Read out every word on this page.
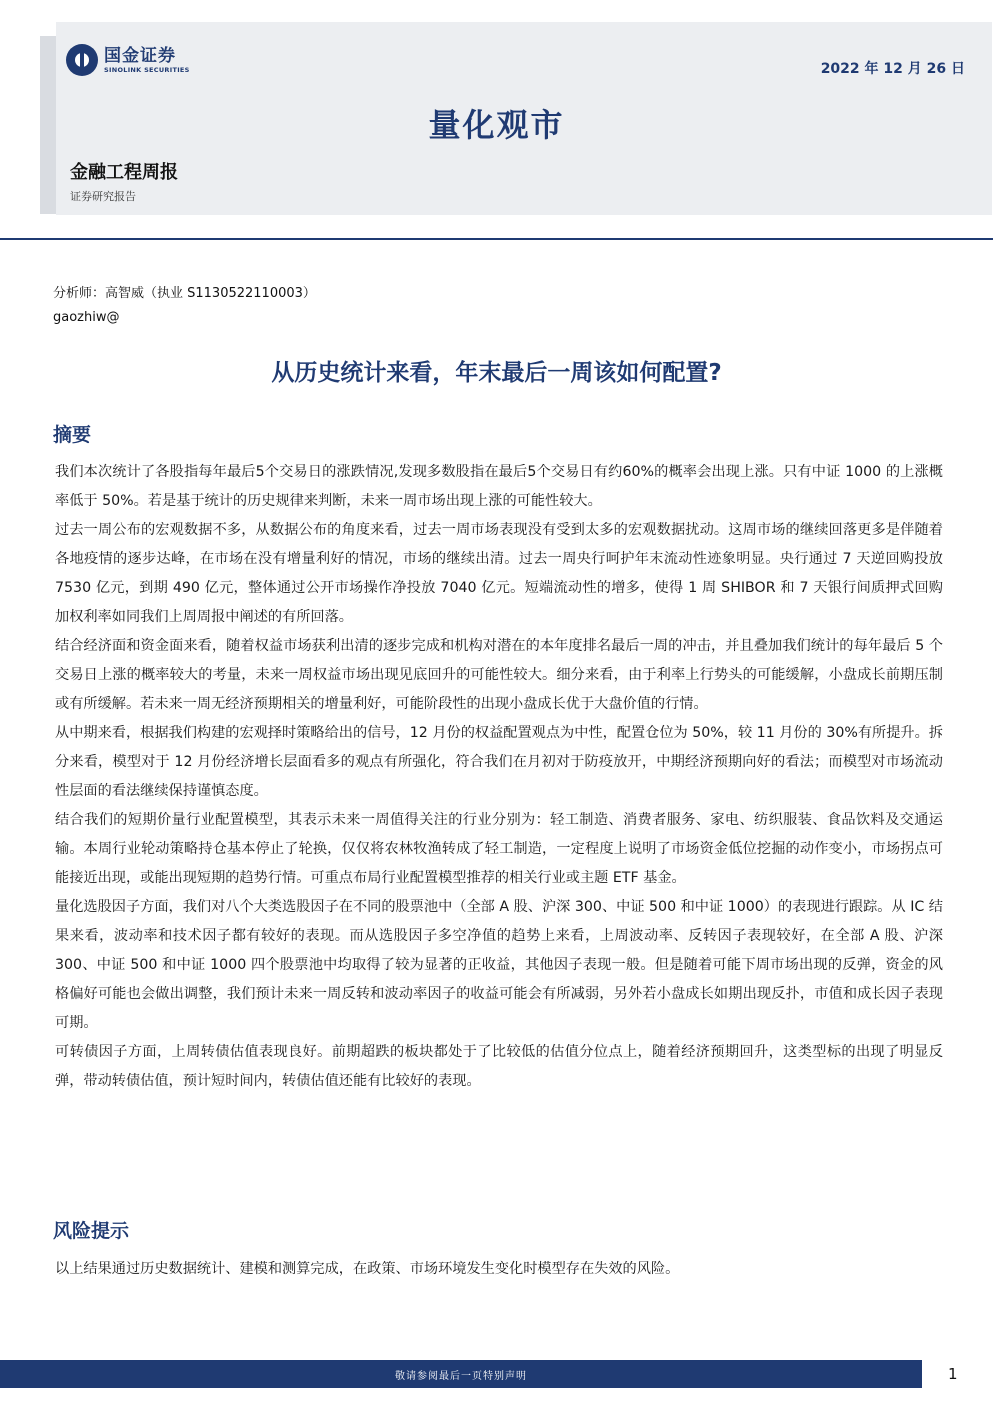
国金证券
SINOLINK SECURITIES	2022 年 12 月 26 日
量化观市
金融工程周报
证券研究报告
分析师：高智威（执业 S1130522110003）
gaozhiw@
从历史统计来看，年末最后一周该如何配置?
摘要

我们本次统计了各股指每年最后5个交易日的涨跌情况,发现多数股指在最后5个交易日有约60%的概率会出现上涨。只有中证 1000 的上涨概率低于 50%。若是基于统计的历史规律来判断，未来一周市场出现上涨的可能性较大。

过去一周公布的宏观数据不多，从数据公布的角度来看，过去一周市场表现没有受到太多的宏观数据扰动。这周市场的继续回落更多是伴随着各地疫情的逐步达峰，在市场在没有增量利好的情况，市场的继续出清。过去一周央行呵护年末流动性迹象明显。央行通过 7 天逆回购投放 7530 亿元，到期 490 亿元，整体通过公开市场操作净投放 7040 亿元。短端流动性的增多，使得 1 周 SHIBOR 和 7 天银行间质押式回购加权利率如同我们上周周报中阐述的有所回落。

结合经济面和资金面来看，随着权益市场获利出清的逐步完成和机构对潜在的本年度排名最后一周的冲击，并且叠加我们统计的每年最后 5 个交易日上涨的概率较大的考量，未来一周权益市场出现见底回升的可能性较大。细分来看，由于利率上行势头的可能缓解，小盘成长前期压制或有所缓解。若未来一周无经济预期相关的增量利好，可能阶段性的出现小盘成长优于大盘价值的行情。

从中期来看，根据我们构建的宏观择时策略给出的信号，12 月份的权益配置观点为中性，配置仓位为 50%，较 11 月份的 30%有所提升。拆分来看，模型对于 12 月份经济增长层面看多的观点有所强化，符合我们在月初对于防疫放开，中期经济预期向好的看法；而模型对市场流动性层面的看法继续保持谨慎态度。

结合我们的短期价量行业配置模型，其表示未来一周值得关注的行业分别为：轻工制造、消费者服务、家电、纺织服装、食品饮料及交通运输。本周行业轮动策略持仓基本停止了轮换，仅仅将农林牧渔转成了轻工制造，一定程度上说明了市场资金低位挖掘的动作变小，市场拐点可能接近出现，或能出现短期的趋势行情。可重点布局行业配置模型推荐的相关行业或主题 ETF 基金。

量化选股因子方面，我们对八个大类选股因子在不同的股票池中（全部 A 股、沪深 300、中证 500 和中证 1000）的表现进行跟踪。从 IC 结果来看，波动率和技术因子都有较好的表现。而从选股因子多空净值的趋势上来看，上周波动率、反转因子表现较好，在全部 A 股、沪深 300、中证 500 和中证 1000 四个股票池中均取得了较为显著的正收益，其他因子表现一般。但是随着可能下周市场出现的反弹，资金的风格偏好可能也会做出调整，我们预计未来一周反转和波动率因子的收益可能会有所减弱，另外若小盘成长如期出现反扑，市值和成长因子表现可期。

可转债因子方面，上周转债估值表现良好。前期超跌的板块都处于了比较低的估值分位点上，随着经济预期回升，这类型标的出现了明显反弹，带动转债估值，预计短时间内，转债估值还能有比较好的表现。

风险提示
以上结果通过历史数据统计、建模和测算完成，在政策、市场环境发生变化时模型存在失效的风险。
敬请参阅最后一页特别声明	1
